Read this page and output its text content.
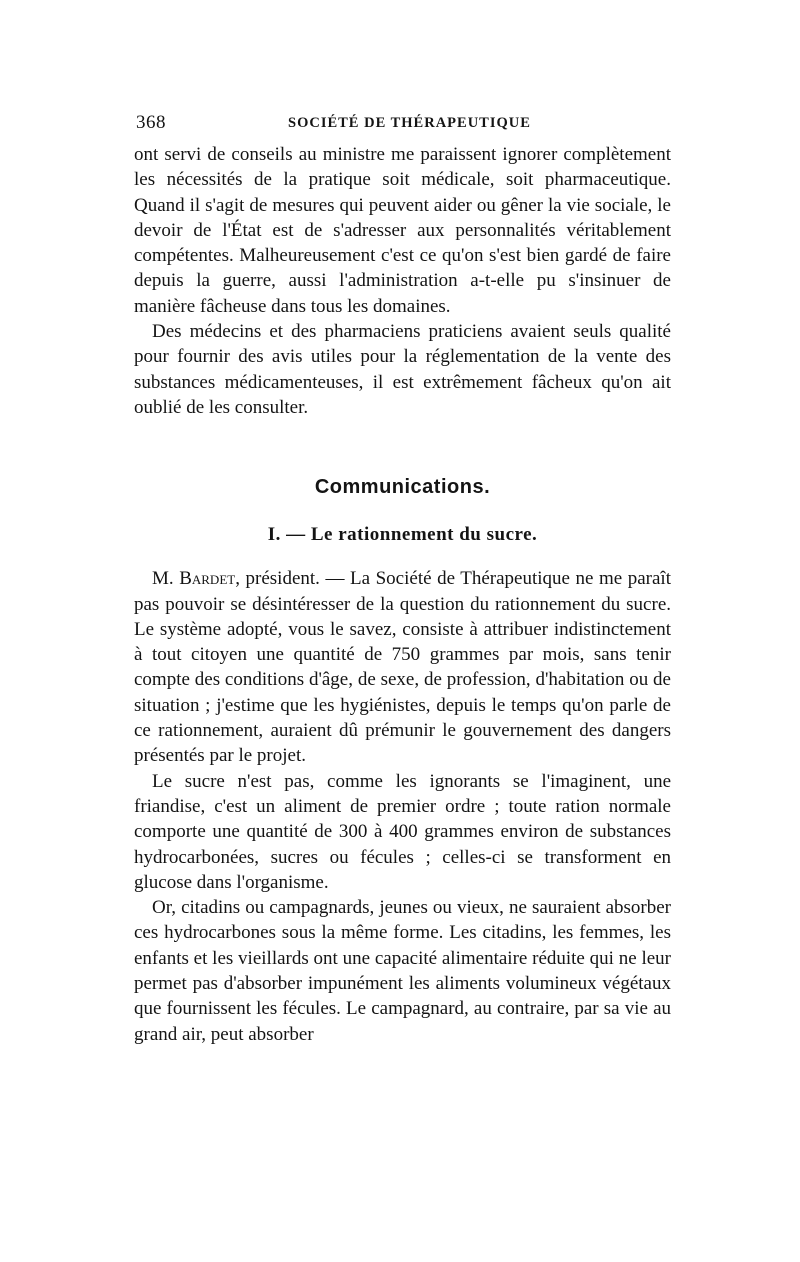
368	SOCIÉTÉ DE THÉRAPEUTIQUE

ont servi de conseils au ministre me paraissent ignorer complètement les nécessités de la pratique soit médicale, soit pharmaceutique. Quand il s'agit de mesures qui peuvent aider ou gêner la vie sociale, le devoir de l'État est de s'adresser aux personnalités véritablement compétentes. Malheureusement c'est ce qu'on s'est bien gardé de faire depuis la guerre, aussi l'administration a-t-elle pu s'insinuer de manière fâcheuse dans tous les domaines.

Des médecins et des pharmaciens praticiens avaient seuls qualité pour fournir des avis utiles pour la réglementation de la vente des substances médicamenteuses, il est extrêmement fâcheux qu'on ait oublié de les consulter.

Communications.
I. — Le rationnement du sucre.

M. Bardet, président. — La Société de Thérapeutique ne me paraît pas pouvoir se désintéresser de la question du rationnement du sucre. Le système adopté, vous le savez, consiste à attribuer indistinctement à tout citoyen une quantité de 750 grammes par mois, sans tenir compte des conditions d'âge, de sexe, de profession, d'habitation ou de situation ; j'estime que les hygiénistes, depuis le temps qu'on parle de ce rationnement, auraient dû prémunir le gouvernement des dangers présentés par le projet.

Le sucre n'est pas, comme les ignorants se l'imaginent, une friandise, c'est un aliment de premier ordre ; toute ration normale comporte une quantité de 300 à 400 grammes environ de substances hydrocarbonées, sucres ou fécules ; celles-ci se transforment en glucose dans l'organisme.

Or, citadins ou campagnards, jeunes ou vieux, ne sauraient absorber ces hydrocarbones sous la même forme. Les citadins, les femmes, les enfants et les vieillards ont une capacité alimentaire réduite qui ne leur permet pas d'absorber impunément les aliments volumineux végétaux que fournissent les fécules. Le campagnard, au contraire, par sa vie au grand air, peut absorber
